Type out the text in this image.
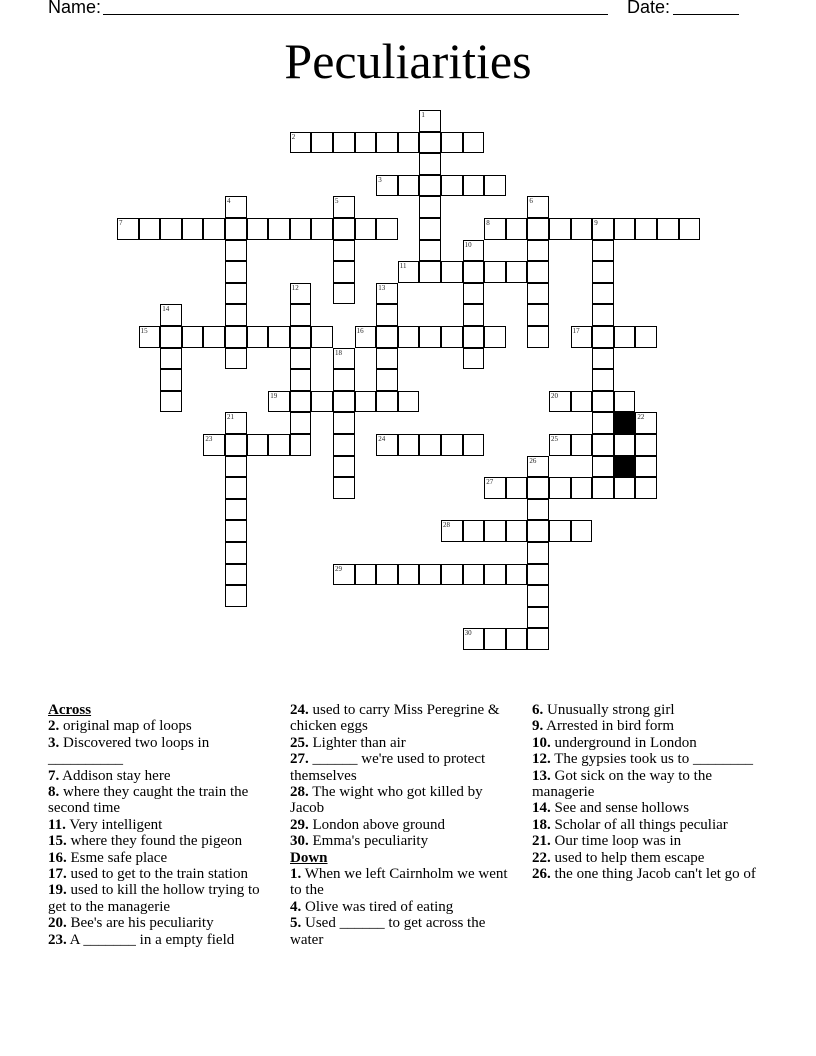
Name:	Date:
Peculiarities
1
2
3
4	5	6
7	8	9
10
11
12	13
14
15	16	17
18
19	20
21	22
23	24	25
26
27
28
29
30
Across
2. original map of loops
3. Discovered two loops in __________
7. Addison stay here
8. where they caught the train the second time
11. Very intelligent
15. where they found the pigeon
16. Esme safe place
17. used to get to the train station
19. used to kill the hollow trying to get to the managerie
20. Bee's are his peculiarity
23. A _______ in a empty field
24. used to carry Miss Peregrine & chicken eggs
25. Lighter than air
27. ______ we're used to protect themselves
28. The wight who got killed by Jacob
29. London above ground
30. Emma's peculiarity
Down
1. When we left Cairnholm we went to the
4. Olive was tired of eating
5. Used ______ to get across the water
6. Unusually strong girl
9. Arrested in bird form
10. underground in London
12. The gypsies took us to ________
13. Got sick on the way to the managerie
14. See and sense hollows
18. Scholar of all things peculiar
21. Our time loop was in
22. used to help them escape
26. the one thing Jacob can't let go of
